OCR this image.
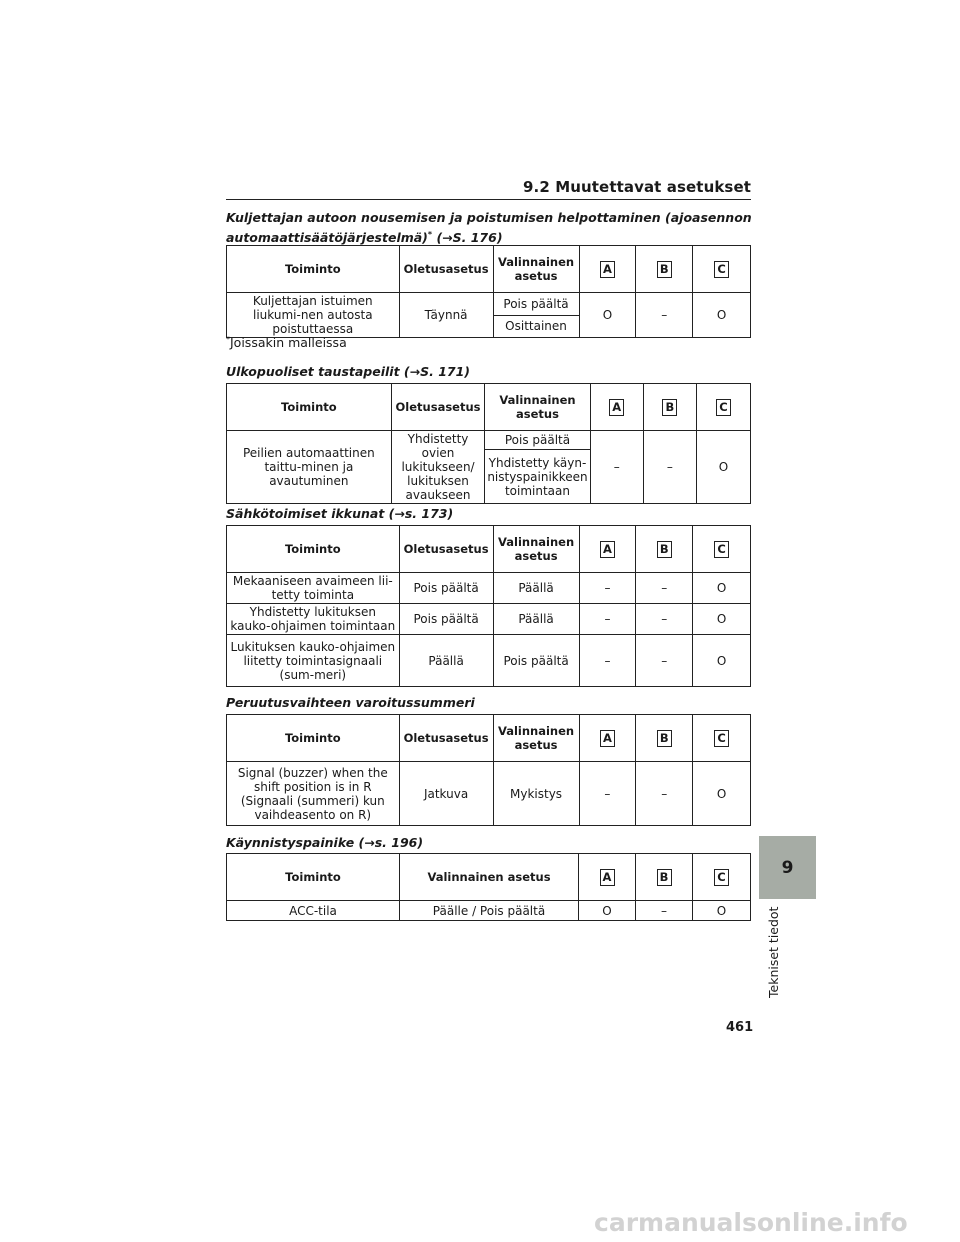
9.2 Muutettavat asetukset
Kuljettajan autoon nousemisen ja poistumisen helpottaminen (ajoasennon
automaattisäätöjärjestelmä)* (→S. 176)
Toiminto	Oletusasetus	Valinnainen asetus	A	B	C
Kuljettajan istuimen liukumi-nen autosta poistuttaessa	Täynnä	Pois päältä	O	–	O
		Osittainen			
*Joissakin malleissa
Ulkopuoliset taustapeilit (→S. 171)
Toiminto	Oletusasetus	Valinnainen asetus	A	B	C
Peilien automaattinen taittu-minen ja avautuminen	Yhdistetty ovien lukitukseen/ lukituksen avaukseen	Pois päältä	–	–	O
		Yhdistetty käyn-nistyspainikkeen toimintaan			
Sähkötoimiset ikkunat (→s. 173)
Toiminto	Oletusasetus	Valinnainen asetus	A	B	C
Mekaaniseen avaimeen lii-tetty toiminta	Pois päältä	Päällä	–	–	O
Yhdistetty lukituksen kauko-ohjaimen toimintaan	Pois päältä	Päällä	–	–	O
Lukituksen kauko-ohjaimen liitetty toimintasignaali (sum-meri)	Päällä	Pois päältä	–	–	O
Peruutusvaihteen varoitussummeri
Toiminto	Oletusasetus	Valinnainen asetus	A	B	C
Signal (buzzer) when the shift position is in R (Signaali (summeri) kun vaihdeasento on R)	Jatkuva	Mykistys	–	–	O
Käynnistyspainike (→s. 196)
Toiminto	Valinnainen asetus	A	B	C
ACC-tila	Päälle / Pois päältä	O	–	O
9
Tekniset tiedot
461
carmanualsonline.info
